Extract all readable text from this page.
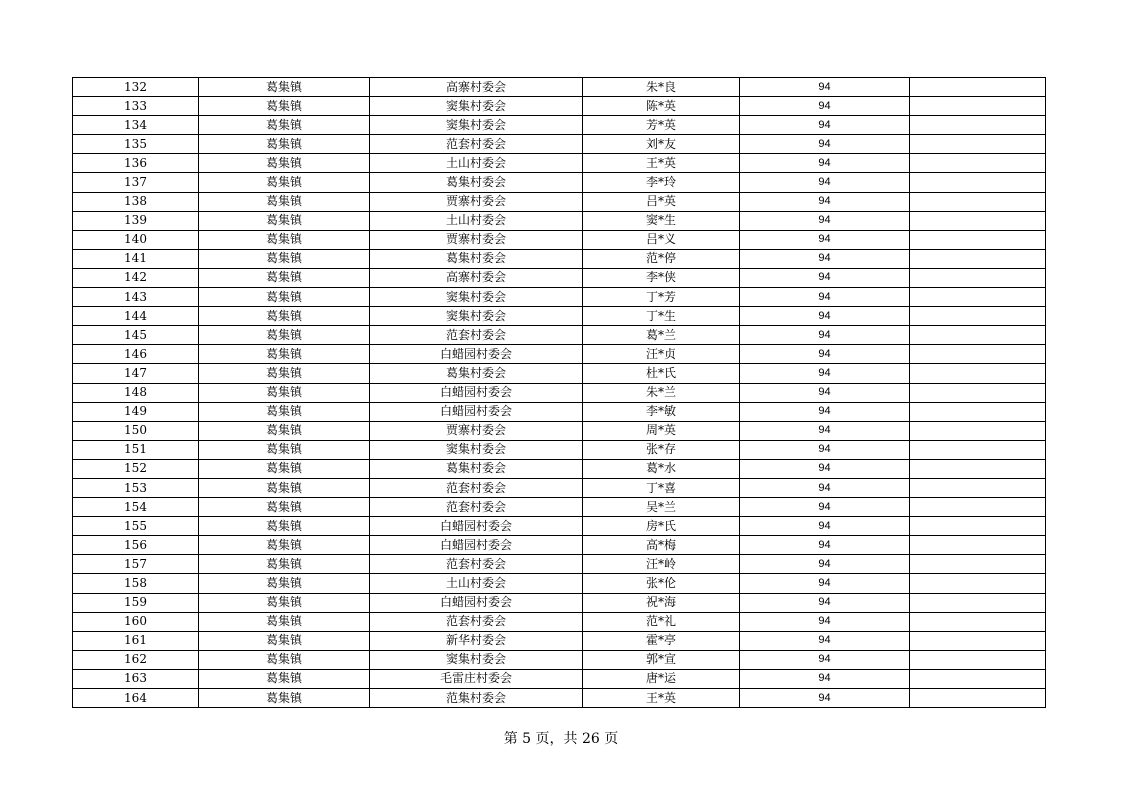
132	葛集镇	高寨村委会	朱*良	94	
133	葛集镇	窦集村委会	陈*英	94	
134	葛集镇	窦集村委会	芳*英	94	
135	葛集镇	范套村委会	刘*友	94	
136	葛集镇	土山村委会	王*英	94	
137	葛集镇	葛集村委会	李*玲	94	
138	葛集镇	贾寨村委会	吕*英	94	
139	葛集镇	土山村委会	窦*生	94	
140	葛集镇	贾寨村委会	吕*义	94	
141	葛集镇	葛集村委会	范*停	94	
142	葛集镇	高寨村委会	李*侠	94	
143	葛集镇	窦集村委会	丁*芳	94	
144	葛集镇	窦集村委会	丁*生	94	
145	葛集镇	范套村委会	葛*兰	94	
146	葛集镇	白蜡园村委会	汪*贞	94	
147	葛集镇	葛集村委会	杜*氏	94	
148	葛集镇	白蜡园村委会	朱*兰	94	
149	葛集镇	白蜡园村委会	李*敏	94	
150	葛集镇	贾寨村委会	周*英	94	
151	葛集镇	窦集村委会	张*存	94	
152	葛集镇	葛集村委会	葛*水	94	
153	葛集镇	范套村委会	丁*喜	94	
154	葛集镇	范套村委会	吴*兰	94	
155	葛集镇	白蜡园村委会	房*氏	94	
156	葛集镇	白蜡园村委会	高*梅	94	
157	葛集镇	范套村委会	汪*岭	94	
158	葛集镇	土山村委会	张*伦	94	
159	葛集镇	白蜡园村委会	祝*海	94	
160	葛集镇	范套村委会	范*礼	94	
161	葛集镇	新华村委会	霍*亭	94	
162	葛集镇	窦集村委会	郭*宣	94	
163	葛集镇	毛雷庄村委会	唐*运	94	
164	葛集镇	范集村委会	王*英	94	
第 5 页，共 26 页
